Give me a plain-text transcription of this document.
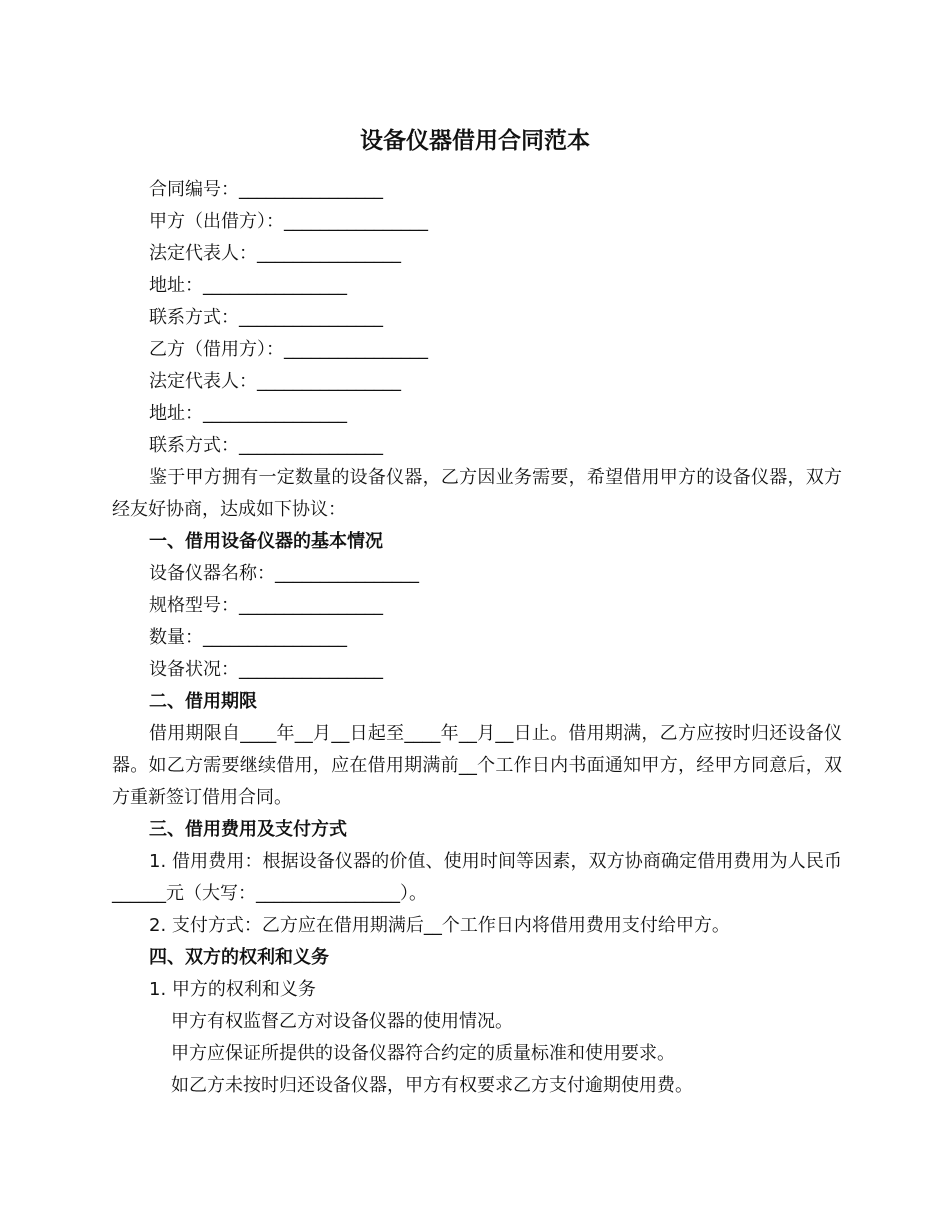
设备仪器借用合同范本
合同编号：________________
甲方（出借方）：________________
法定代表人：________________
地址：________________
联系方式：________________
乙方（借用方）：________________
法定代表人：________________
地址：________________
联系方式：________________
鉴于甲方拥有一定数量的设备仪器，乙方因业务需要，希望借用甲方的设备仪器，双方经友好协商，达成如下协议：
一、借用设备仪器的基本情况
设备仪器名称：________________
规格型号：________________
数量：________________
设备状况：________________
二、借用期限
借用期限自____年__月__日起至____年__月__日止。借用期满，乙方应按时归还设备仪器。如乙方需要继续借用，应在借用期满前__个工作日内书面通知甲方，经甲方同意后，双方重新签订借用合同。
三、借用费用及支付方式
1. 借用费用：根据设备仪器的价值、使用时间等因素，双方协商确定借用费用为人民币______元（大写：________________）。
2. 支付方式：乙方应在借用期满后__个工作日内将借用费用支付给甲方。
四、双方的权利和义务
1. 甲方的权利和义务
甲方有权监督乙方对设备仪器的使用情况。
甲方应保证所提供的设备仪器符合约定的质量标准和使用要求。
如乙方未按时归还设备仪器，甲方有权要求乙方支付逾期使用费。
